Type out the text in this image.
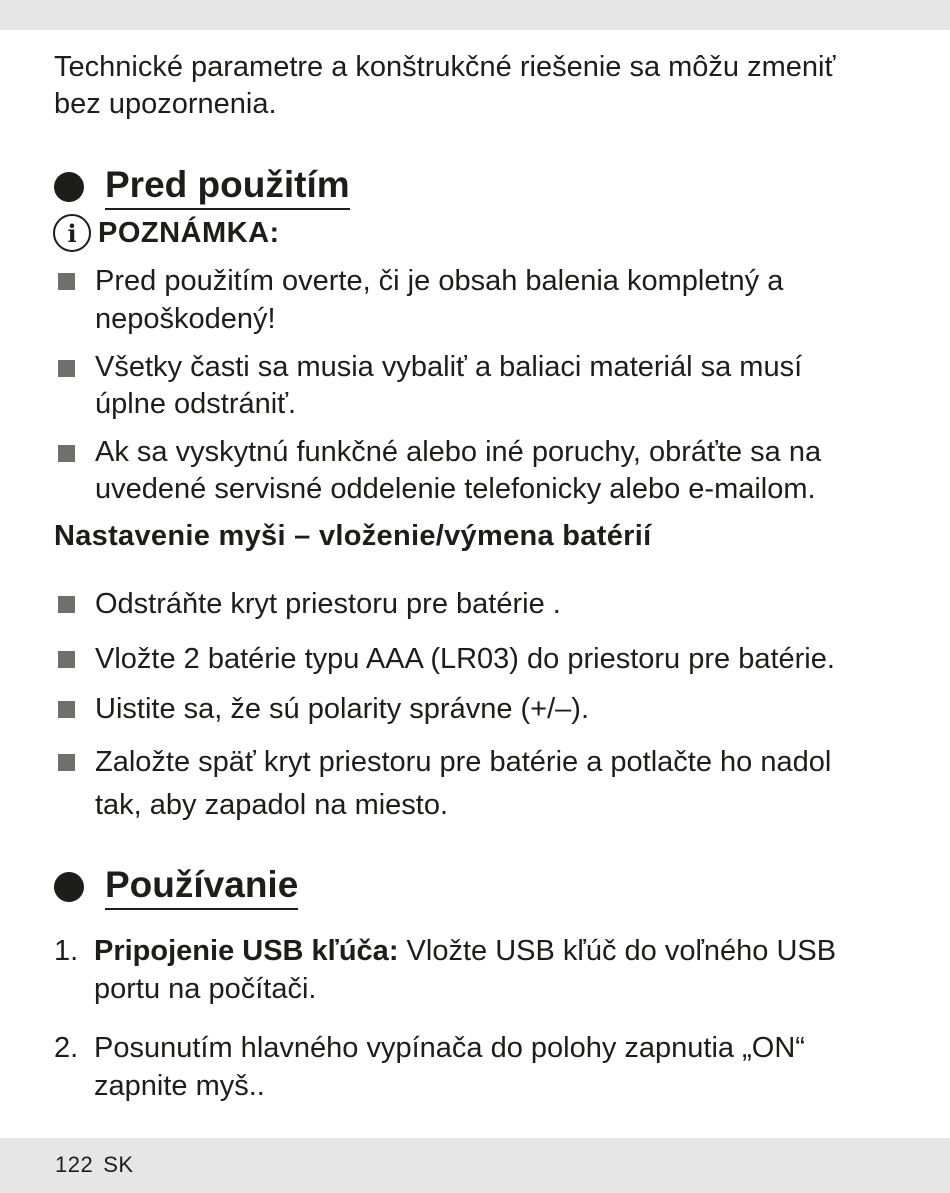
Technické parametre a konštrukčné riešenie sa môžu zmeniť bez upozornenia.
Pred použitím
i POZNÁMKA:
Pred použitím overte, či je obsah balenia kompletný a nepoškodený!
Všetky časti sa musia vybaliť a baliaci materiál sa musí úplne odstrániť.
Ak sa vyskytnú funkčné alebo iné poruchy, obráťte sa na uvedené servisné oddelenie telefonicky alebo e-mailom.
Nastavenie myši – vloženie/výmena batérií
Odstráňte kryt priestoru pre batérie .
Vložte 2 batérie typu AAA (LR03) do priestoru pre batérie.
Uistite sa, že sú polarity správne (+/–).
Založte späť kryt priestoru pre batérie a potlačte ho nadol tak, aby zapadol na miesto.
Používanie
1. Pripojenie USB kľúča: Vložte USB kľúč do voľného USB portu na počítači.
2. Posunutím hlavného vypínača do polohy zapnutia „ON“ zapnite myš..
122 SK
